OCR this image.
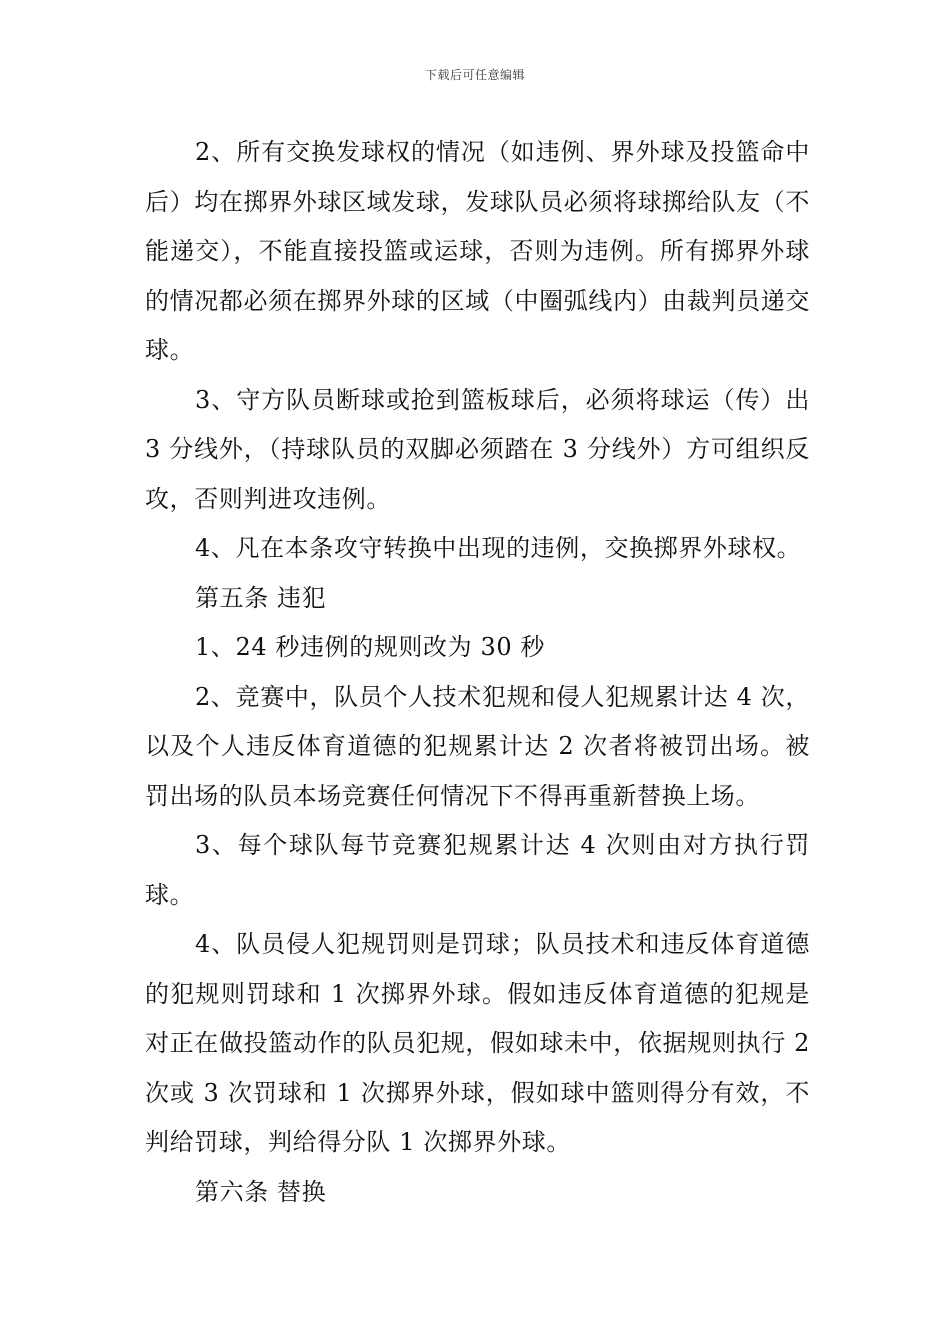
下载后可任意编辑

2、所有交换发球权的情况（如违例、界外球及投篮命中后）均在掷界外球区域发球，发球队员必须将球掷给队友（不能递交），不能直接投篮或运球，否则为违例。所有掷界外球的情况都必须在掷界外球的区域（中圈弧线内）由裁判员递交球。

3、守方队员断球或抢到篮板球后，必须将球运（传）出 3 分线外，（持球队员的双脚必须踏在 3 分线外）方可组织反攻，否则判进攻违例。

4、凡在本条攻守转换中出现的违例，交换掷界外球权。

第五条 违犯

1、24 秒违例的规则改为 30 秒

2、竞赛中，队员个人技术犯规和侵人犯规累计达 4 次，以及个人违反体育道德的犯规累计达 2 次者将被罚出场。被罚出场的队员本场竞赛任何情况下不得再重新替换上场。

3、每个球队每节竞赛犯规累计达 4 次则由对方执行罚球。

4、队员侵人犯规罚则是罚球；队员技术和违反体育道德的犯规则罚球和 1 次掷界外球。假如违反体育道德的犯规是对正在做投篮动作的队员犯规，假如球未中，依据规则执行 2 次或 3 次罚球和 1 次掷界外球，假如球中篮则得分有效，不判给罚球，判给得分队 1 次掷界外球。

第六条 替换
